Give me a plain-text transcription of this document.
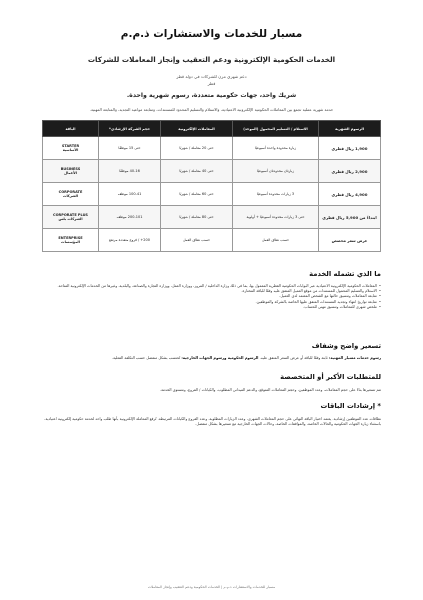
مسبار للخدمات والاستشارات ذ.م.م
الخدمات الحكومية الإلكترونية ودعم التعقيب وإنجاز المعاملات للشركات
دعم شهري مرن للشركات في دولة قطر
قطر
شريك واحد، جهات حكومية متعددة، رسوم شهرية واحدة.
خدمة شهرية عملية تجمع بين المعاملات الحكومية الإلكترونية الاعتيادية، والاستلام والتسليم المحدود للمستندات، ومتابعة مواعيد التجديد، والمتابعة المهنية.
الرسوم الشهرية	الاستلام / التسليم المحمول (الموحد)	المعاملات الإلكترونية	حجم الشركة الإرشادي*	الباقة
1,900 ريال قطري	زيارة محدودة واحدة أسبوعيًا	حتى 20 معاملة / شهريًا	حتى 15 موظفًا	STARTER
الأساسية

2,900 ريال قطري	زيارتان محدودتان أسبوعيًا	حتى 40 معاملة / شهريًا	40-16 موظفًا	BUSINESS
الأعمال

4,900 ريال قطري	3 زيارات محدودة أسبوعيًا	حتى 60 معاملة / شهريًا	100-41 موظف	CORPORATE
الشركات

ابتداءً من 5,900 ريال قطري	حتى 3 زيارات محدودة أسبوعيًا + أولوية	حتى 80 معاملة / شهريًا	200-101 موظف	CORPORATE PLUS
الشركات بلس

عرض سعر مخصص	حسب نطاق العمل	حسب نطاق العمل	200+ / فروع متعددة مرتفع	ENTERPRISE
المؤسسات
ما الذي تشمله الخدمة
• المعاملات الحكومية الإلكترونية الاعتيادية عبر البوابات الحكومية القطرية المعمول بها، بما في ذلك وزارة الداخلية / المرور، ووزارة العمل، ووزارة التجارة والصناعة، والبلدية، وغيرها من الخدمات الإلكترونية المتاحة.
• الاستلام والتسليم المحمول للمستندات من موقع العميل المتفق عليه وفقًا للباقة المختارة.
• متابعة المعاملات وتنسيق حالتها مع الشخص المعتمد لدى العميل.
• متابعة تواريخ انتهاء وتجديد المستندات المتفق عليها الخاصة بالشركة والموظفين.
• ملخص شهري للمعاملات وتنسيق مهني للحساب.
تسعير واضح وشفاف
رسوم خدمات مسبار المهنية: ثابتة وفقًا للباقة أو عرض السعر المتفق عليه. الرسوم الحكومية ورسوم الجهات الخارجية: تُحتسب بشكل منفصل حسب التكلفة الفعلية.
للمتطلبات الأكبر أو المتخصصة
تتم تسعيرها بناءً على حجم المعاملات، وعدد الموظفين، وحجم المعاملات المتوقع، والدعم الميداني المطلوب، والكيانات / الفروع، ومستوى الخدمة.
* إرشادات الباقات
نطاقات عدد الموظفين إرشادية. يعتمد اختيار الباقة النهائي على حجم المعاملات الشهري، وعدد الزيارات المطلوبة، وعدد الفروع والكيانات المرتبطة. تُرفع المعاملة الإلكترونية بأنها طلب واحد لخدمة حكومية إلكترونية اعتيادية، باستثناء زيارة الجهات الحكومية والحالات الخاصة، والموافقات الخاصة، وحالات الجهات الخارجية مع تسعيرها بشكل منفصل.
مسبار للخدمات والاستشارات ذ.م.م | الخدمات الحكومية ودعم التعقيب وإنجاز المعاملات
